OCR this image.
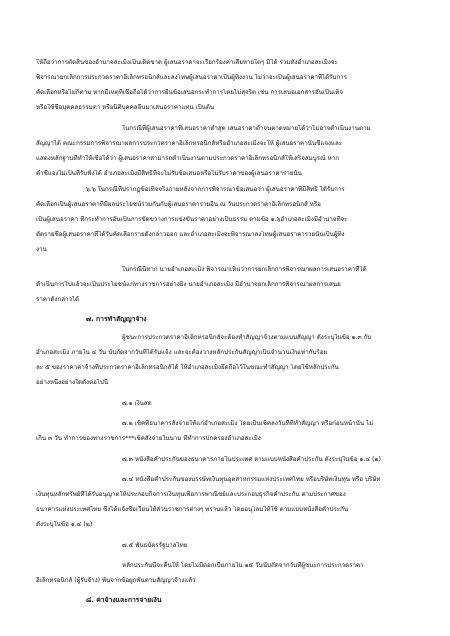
ให้ถือว่าการตัดสินของอำนาจสะเมิงเป็นเด็ดขาด ผู้เสนอราคาจะเรียกร้องค่าเสียหายใดๆ มิได้ รวมทั้งอำเภอสะเมิงจะ
พิจารณายกเลิกการประกวดราคาอิเล็กทรอนิกส์และลงโทษผู้เสนอราคาเป็นผู้ทิ้งงาน ไม่ว่าจะเป็นผู้เสนอราคาที่ได้รับการ
คัดเลือกหรือไม่ก็ตาม หากมีเหตุที่เชื่อถือได้ว่าการยื่นข้อเสนอกระทำการโดยไม่สุจริต เช่น การเสนอเอกสารอันเป็นเท็จ
หรือใช้ชื่อบุคคลธรรมดา หรือนิติบุคคลอื่นมาเสนอราคาแทน เป็นต้น
ในกรณีที่ผู้เสนอราคาที่เสนอราคาต่ำสุด เสนอราคาต่ำจนคาดหมายได้ว่าไม่อาจดำเนินงานตาม
สัญญาได้ คณะกรรมการพิจารณาผลการประกวดราคาอิเล็กทรอนิกส์หรืออำเภอสะเมิงจะให้ ผู้เสนอราคานั้นชี้แจงและ
แสดงหลักฐานที่ทำให้เชื่อได้ว่า ผู้เสนอราคาสามารถดำเนินงานตามประกวดราคาอิเล็กทรอนิกส์ให้เสร็จสมบูรณ์ หาก
คำชี้แจงไม่เป็นที่รับฟังได้ อำเภอสะเมิงมีสิทธิที่จะไม่รับข้อเสนอหรือไม่รับราคาของผู้เสนอราคารายนั้น
๖.๖ ในกรณีที่ปรากฏข้อเท็จจริงภายหลังจากการพิจารณาข้อเสนอว่า ผู้เสนอราคาที่มีสิทธิ ได้รับการ
คัดเลือกเป็นผู้เสนอราคาที่มีผลประโยชน์ร่วมกันกับผู้เสนอราคารายอื่น ณ วันประกวดราคาอิเล็กทรอนิกส์ หรือ
เป็นผู้เสนอราคา ที่กระทำการอันเป็นการขัดขวางการแข่งขันราคาอย่างเป็นธรรม ตามข้อ ๑.๖อำเภอสะเมิงมีอำนาจที่จะ
ตัดรายชื่อผู้เสนอราคาที่ได้รับคัดเลือกรายดังกล่าวออก และอำเภอสะเมิงจะพิจารณาลงโทษผู้เสนอราคารายนั้นเป็นผู้ทิ้ง
งาน
ในกรณีนี้หาก นายอำเภอสะเมิง พิจารณาเห็นว่าการยกเลิกการพิจารณาผลการเสนอราคาที่ได้
ดำเนินการไปแล้วจะเป็นประโยชน์แก่ทางราชการอย่างยิ่ง นายอำเภอสะเมิง มีอำนาจยกเลิกการพิจารณาผลการเสนอ
ราคาดังกล่าวได้
๗. การทำสัญญาจ้าง
ผู้ชนะการประกวดราคาอิเล็กทรอนิกส์จะต้องทำสัญญาจ้างตามแบบสัญญา ดังระบุในข้อ ๑.๓ กับ
อำเภอสะเมิง ภายใน ๔ วัน นับถัดจากวันที่ได้รับแจ้ง และจะต้องวางหลักประกันสัญญาเป็นจำนวนเงินเท่ากับร้อย
ละ ๕ ของราคาค่าจ้างที่ประกวดราคาอิเล็กทรอนิกส์ได้ ให้อำเภอสะเมิงยึดถือไว้ในขณะทำสัญญา โดยใช้หลักประกัน
อย่างหนึ่งอย่างใดดังต่อไปนี้
๗.๑ เงินสด
๗.๒ เช็คที่ธนาคารสั่งจ่ายให้แก่อำเภอสะเมิง โดยเป็นเช็คลงวันที่ที่ทำสัญญา หรือก่อนหน้านั้น ไม่
เกิน ๓ วัน ทำการของทางราชการ***เช็คสั่งจ่ายในนาม ที่ทำการปกครองอำเภอสะเมิง
๗.๓ หนังสือค้ำประกันของธนาคารภายในประเทศ ตามแบบหนังสือค้ำประกัน ดังระบุในข้อ ๑.๔ (๒)
๗.๔ หนังสือค้ำประกันของบรรษัทเงินทุนอุตสาหกรรมแห่งประเทศไทย หรือบริษัทเงินทุน หรือ บริษัท
เงินทุนหลักทรัพย์ที่ได้รับอนุญาตให้ประกอบกิจการเงินทุนเพื่อการพาณิชย์และประกอบธุรกิจค้ำประกัน ตามประกาศของ
ธนาคารแห่งประเทศไทย ซึ่งได้แจ้งชื่อเวียนให้ส่วนราชการต่างๆ ทราบแล้ว โดยอนุโลมให้ใช้ ตามแบบหนังสือค้ำประกัน
ดังระบุในข้อ ๑.๔ (๒)
๗.๕ พันธบัตรรัฐบาลไทย
หลักประกันนี้จะคืนให้ โดยไม่มีดอกเบี้ยภายใน ๑๕ วันนับถัดจากวันที่ผู้ชนะการประกวดราคา
อิเล็กทรอนิกส์ (ผู้รับจ้าง) พ้นจากข้อผูกพันตามสัญญาจ้างแล้ว
๘. ค่าจ้างและการจ่ายเงิน
